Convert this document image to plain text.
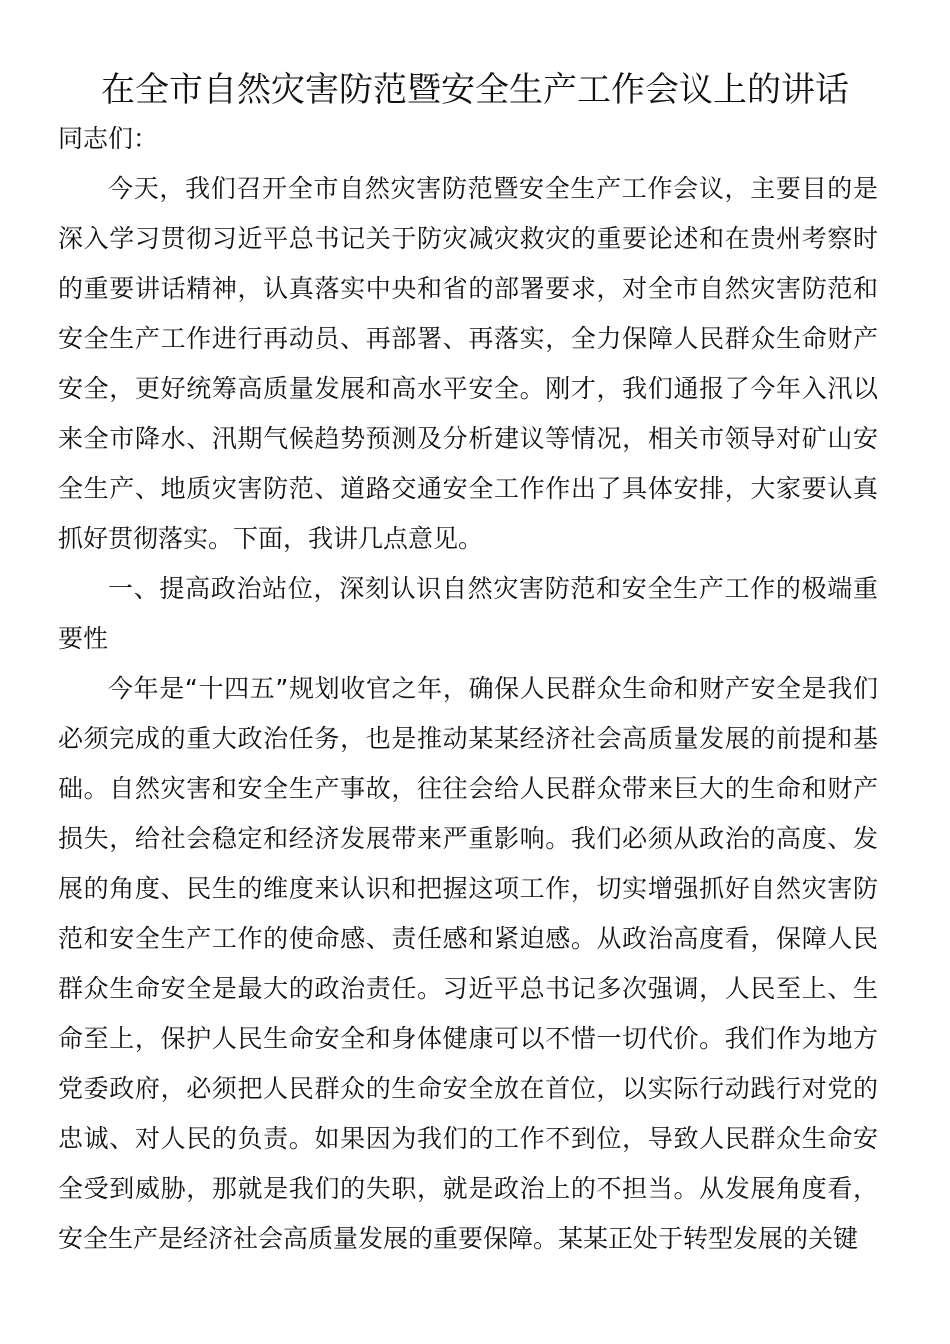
在全市自然灾害防范暨安全生产工作会议上的讲话

同志们：

今天，我们召开全市自然灾害防范暨安全生产工作会议，主要目的是深入学习贯彻习近平总书记关于防灾减灾救灾的重要论述和在贵州考察时的重要讲话精神，认真落实中央和省的部署要求，对全市自然灾害防范和安全生产工作进行再动员、再部署、再落实，全力保障人民群众生命财产安全，更好统筹高质量发展和高水平安全。刚才，我们通报了今年入汛以来全市降水、汛期气候趋势预测及分析建议等情况，相关市领导对矿山安全生产、地质灾害防范、道路交通安全工作作出了具体安排，大家要认真抓好贯彻落实。下面，我讲几点意见。

一、提高政治站位，深刻认识自然灾害防范和安全生产工作的极端重要性

今年是“十四五”规划收官之年，确保人民群众生命和财产安全是我们必须完成的重大政治任务，也是推动某某经济社会高质量发展的前提和基础。自然灾害和安全生产事故，往往会给人民群众带来巨大的生命和财产损失，给社会稳定和经济发展带来严重影响。我们必须从政治的高度、发展的角度、民生的维度来认识和把握这项工作，切实增强抓好自然灾害防范和安全生产工作的使命感、责任感和紧迫感。从政治高度看，保障人民群众生命安全是最大的政治责任。习近平总书记多次强调，人民至上、生命至上，保护人民生命安全和身体健康可以不惜一切代价。我们作为地方党委政府，必须把人民群众的生命安全放在首位，以实际行动践行对党的忠诚、对人民的负责。如果因为我们的工作不到位，导致人民群众生命安全受到威胁，那就是我们的失职，就是政治上的不担当。从发展角度看，安全生产是经济社会高质量发展的重要保障。某某正处于转型发展的关键
